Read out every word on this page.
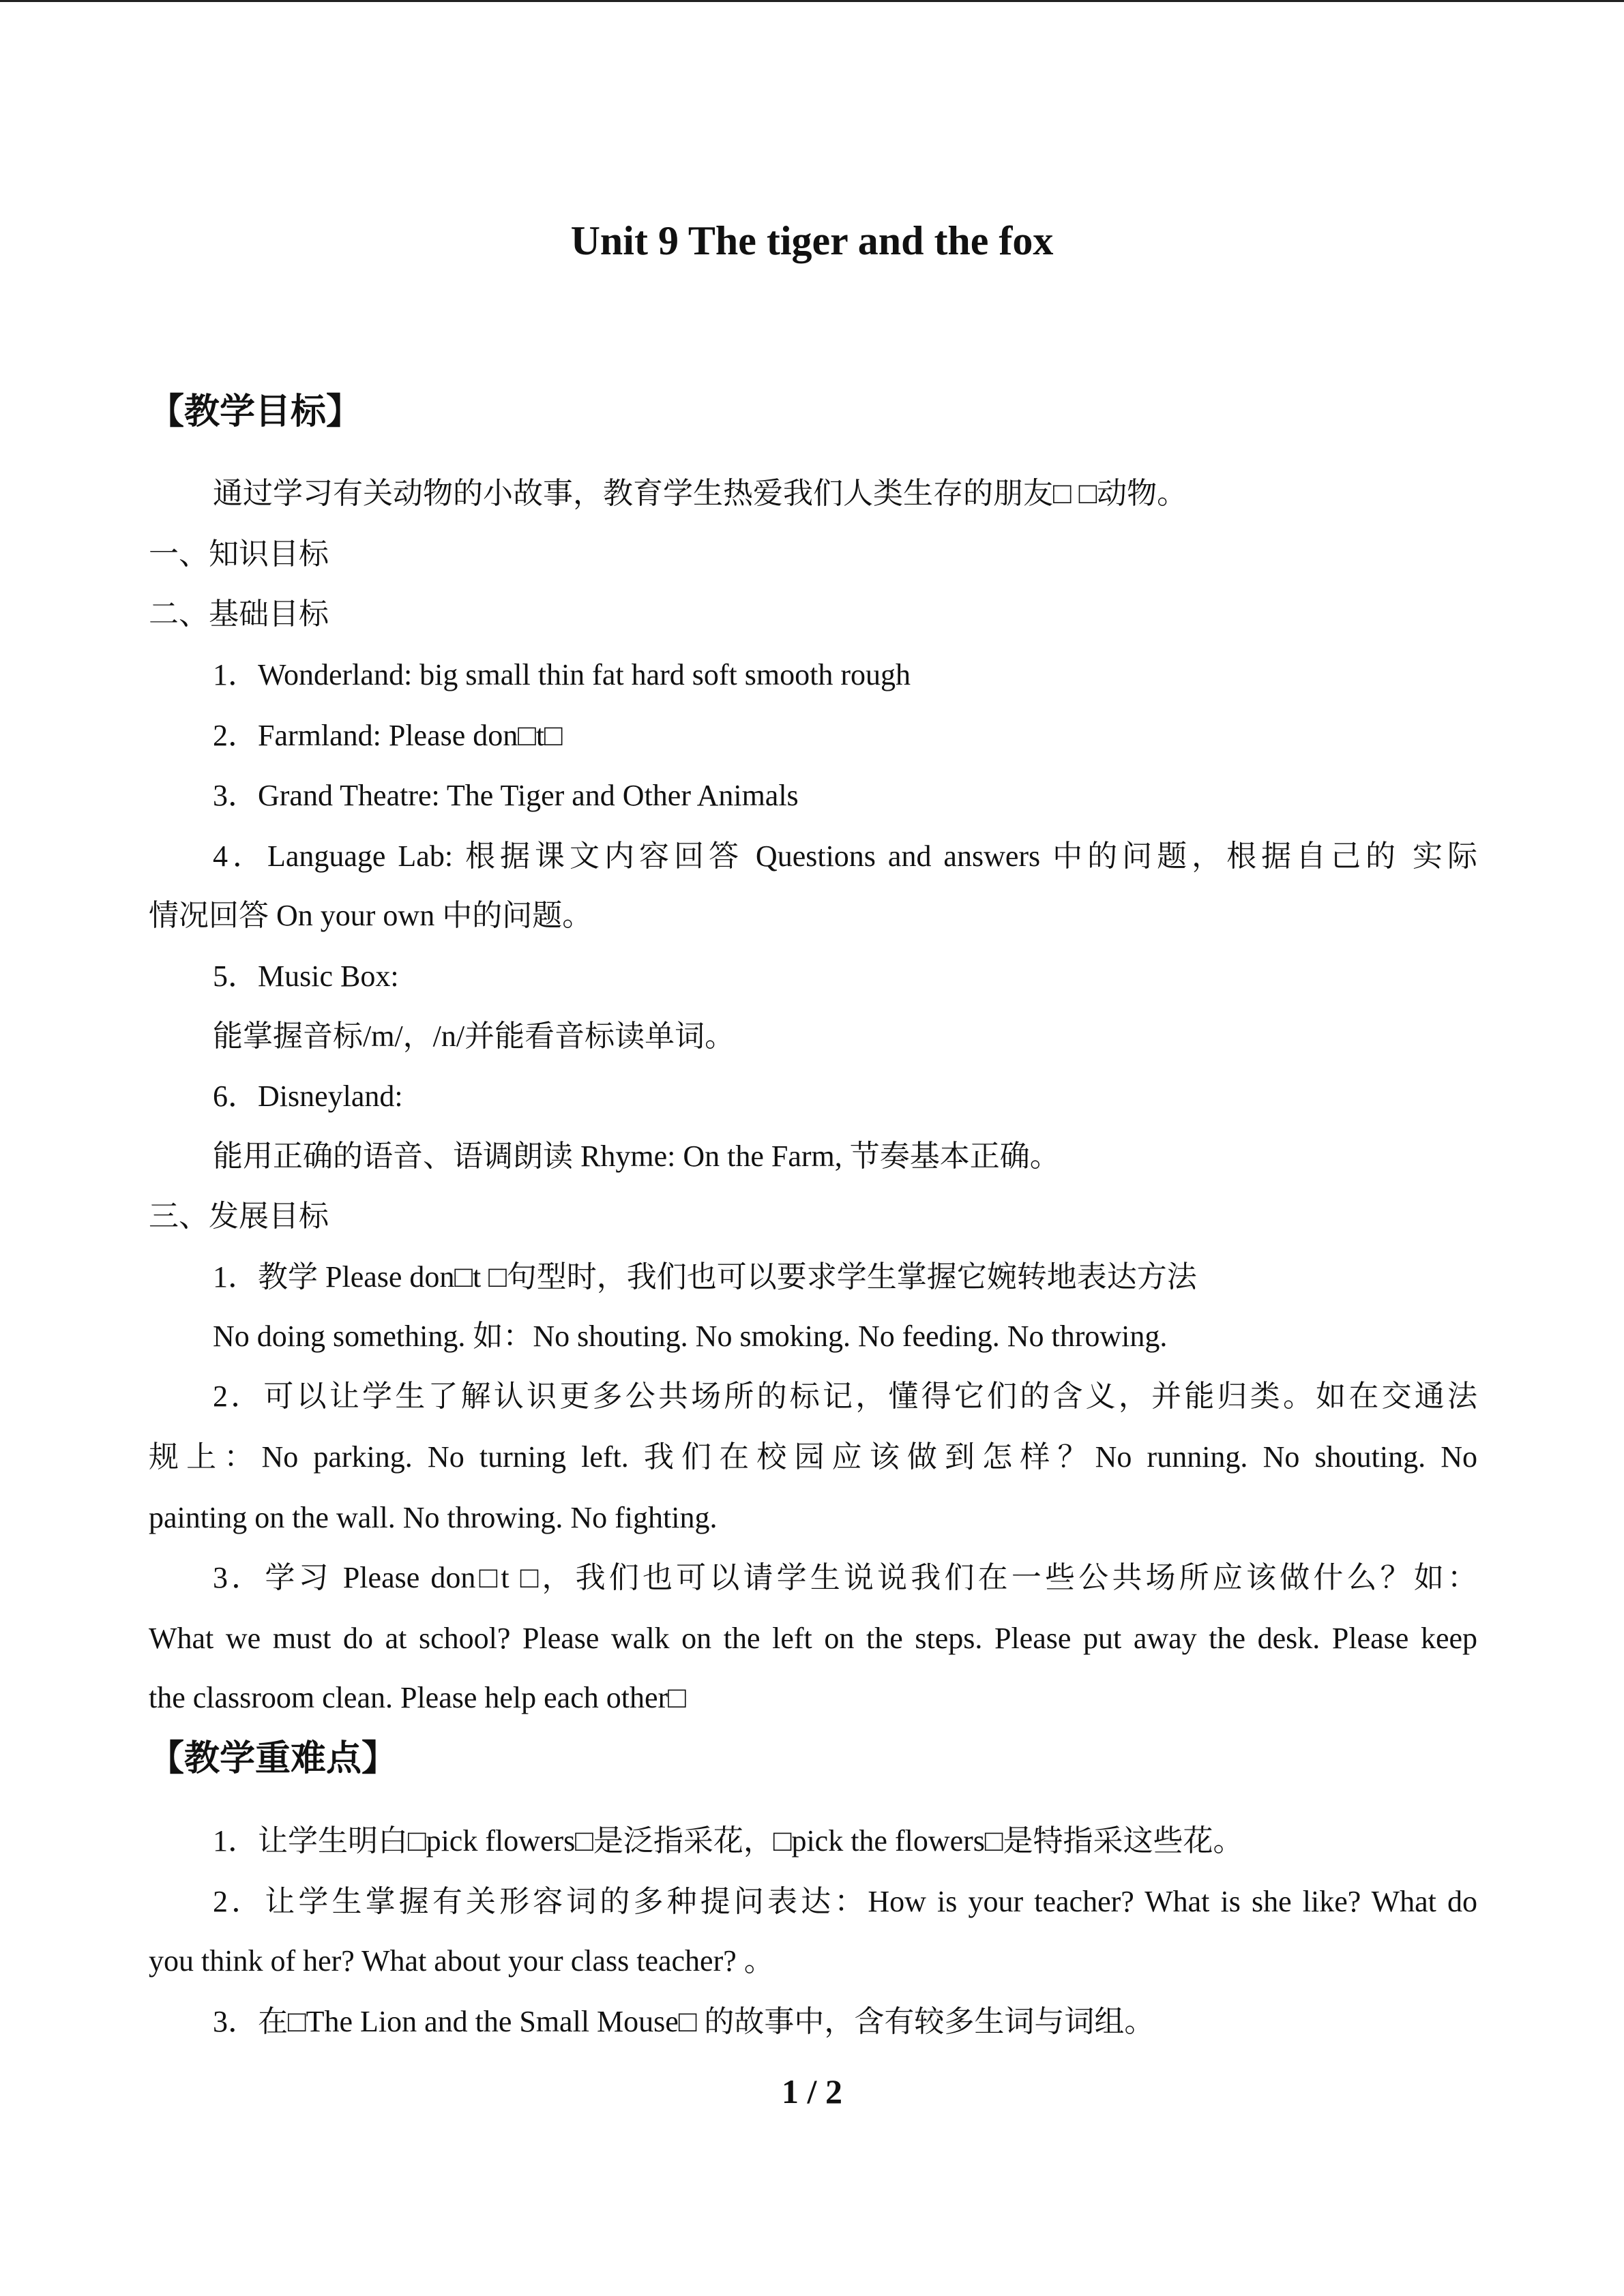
Unit 9 The tiger and the fox
【教学目标】

通过学习有关动物的小故事，教育学生热爱我们人类生存的朋友□ □动物。

一、知识目标

二、基础目标

1．Wonderland: big small thin fat hard soft smooth rough

2．Farmland: Please don□t□

3．Grand Theatre: The Tiger and Other Animals

4．Language Lab: 根据课文内容回答 Questions and answers 中的问题，根据自己的 实际

情况回答 On your own 中的问题。

5．Music Box:

能掌握音标/m/，/n/并能看音标读单词。

6．Disneyland:

能用正确的语音、语调朗读 Rhyme: On the Farm, 节奏基本正确。

三、发展目标

1．教学 Please don□t □句型时，我们也可以要求学生掌握它婉转地表达方法

No doing something. 如：No shouting. No smoking. No feeding. No throwing.

2．可以让学生了解认识更多公共场所的标记，懂得它们的含义，并能归类。如在交通法

规上：No parking. No turning left. 我们在校园应该做到怎样？No running. No shouting. No

painting on the wall. No throwing. No fighting.

3．学习 Please don□t □，我们也可以请学生说说我们在一些公共场所应该做什么？如：

What we must do at school? Please walk on the left on the steps. Please put away the desk. Please keep

the classroom clean. Please help each other□

【教学重难点】

1．让学生明白□pick flowers□是泛指采花，□pick the flowers□是特指采这些花。

2．让学生掌握有关形容词的多种提问表达：How is your teacher? What is she like? What do

you think of her? What about your class teacher? 。

3．在□The Lion and the Small Mouse□ 的故事中，含有较多生词与词组。

1 / 2
